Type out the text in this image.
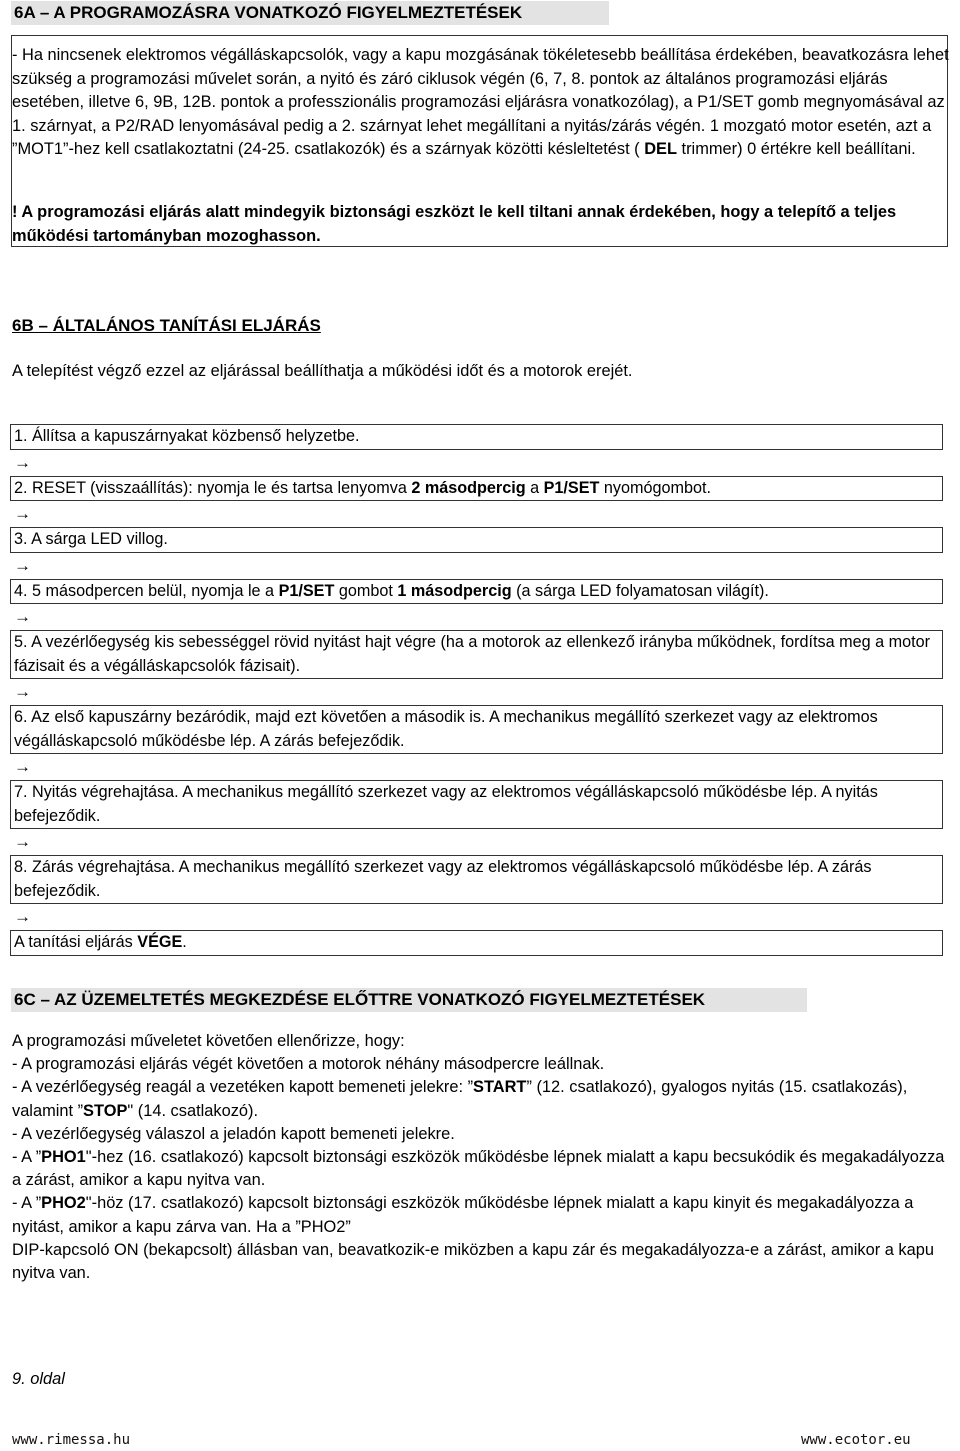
6A – A PROGRAMOZÁSRA VONATKOZÓ FIGYELMEZTETÉSEK
- Ha nincsenek elektromos végálláskapcsolók, vagy a kapu mozgásának tökéletesebb beállítása érdekében, beavatkozásra lehet szükség a programozási művelet során, a nyitó és záró ciklusok végén (6, 7, 8. pontok az általános programozási eljárás esetében, illetve 6, 9B, 12B. pontok a professzionális programozási eljárásra vonatkozólag), a P1/SET gomb megnyomásával az 1. szárnyat, a P2/RAD lenyomásával pedig a 2. szárnyat lehet megállítani a nyitás/zárás végén. 1 mozgató motor esetén, azt a ”MOT1”-hez kell csatlakoztatni (24-25. csatlakozók) és a szárnyak közötti késleltetést ( DEL trimmer) 0 értékre kell beállítani.
! A programozási eljárás alatt mindegyik biztonsági eszközt le kell tiltani annak érdekében, hogy a telepítő a teljes működési tartományban mozoghasson.
6B – ÁLTALÁNOS TANÍTÁSI ELJÁRÁS
A telepítést végző ezzel az eljárással beállíthatja a működési időt és a motorok erejét.
1. Állítsa a kapuszárnyakat közbenső helyzetbe.
→
2. RESET (visszaállítás): nyomja le és tartsa lenyomva 2 másodpercig a P1/SET nyomógombot.
→
3. A sárga LED villog.
→
4. 5 másodpercen belül, nyomja le a P1/SET gombot 1 másodpercig (a sárga LED folyamatosan világít).
→
5. A vezérlőegység kis sebességgel rövid nyitást hajt végre (ha a motorok az ellenkező irányba működnek, fordítsa meg a motor fázisait és a végálláskapcsolók fázisait).
→
6. Az első kapuszárny bezáródik, majd ezt követően a második is. A mechanikus megállító szerkezet vagy az elektromos végálláskapcsoló működésbe lép. A zárás befejeződik.
→
7. Nyitás végrehajtása. A mechanikus megállító szerkezet vagy az elektromos végálláskapcsoló működésbe lép. A nyitás befejeződik.
→
8. Zárás végrehajtása. A mechanikus megállító szerkezet vagy az elektromos végálláskapcsoló működésbe lép. A zárás befejeződik.
→
A tanítási eljárás VÉGE.
6C – AZ ÜZEMELTETÉS MEGKEZDÉSE ELŐTTRE VONATKOZÓ FIGYELMEZTETÉSEK

A programozási műveletet követően ellenőrizze, hogy:

- A programozási eljárás végét követően a motorok néhány másodpercre leállnak.

- A vezérlőegység reagál a vezetéken kapott bemeneti jelekre: ”START” (12. csatlakozó), gyalogos nyitás (15. csatlakozás), valamint ”STOP" (14. csatlakozó).

- A vezérlőegység válaszol a jeladón kapott bemeneti jelekre.

- A ”PHO1"-hez (16. csatlakozó) kapcsolt biztonsági eszközök működésbe lépnek mialatt a kapu becsukódik és megakadályozza a zárást, amikor a kapu nyitva van.

- A ”PHO2"-höz (17. csatlakozó) kapcsolt biztonsági eszközök működésbe lépnek mialatt a kapu kinyit és megakadályozza a nyitást, amikor a kapu zárva van. Ha a ”PHO2”

DIP-kapcsoló ON (bekapcsolt) állásban van, beavatkozik-e miközben a kapu zár és megakadályozza-e a zárást, amikor a kapu nyitva van.

9. oldal
www.rimessa.hu	www.ecotor.eu
